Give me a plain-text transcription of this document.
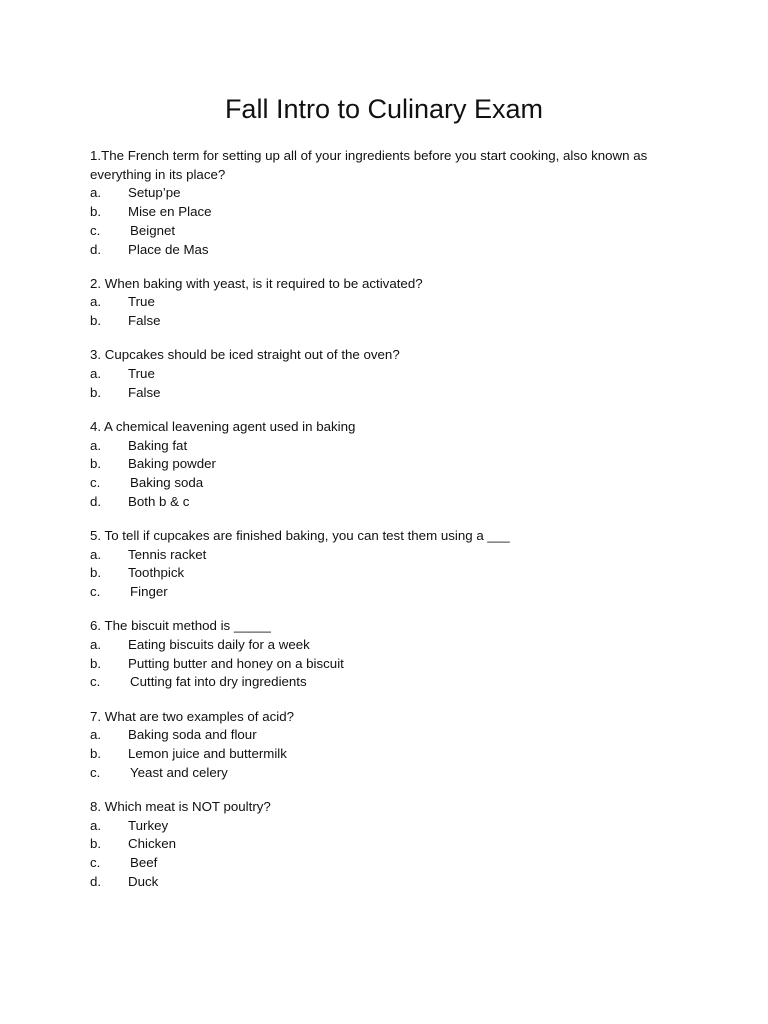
Fall Intro to Culinary Exam

1.The French term for setting up all of your ingredients before you start cooking, also known as everything in its place?

a.	Setup’pe
b.	Mise en Place
c.	Beignet
d.	Place de Mas

2. When baking with yeast, is it required to be activated?

a.	True
b.	False

3. Cupcakes should be iced straight out of the oven?

a.	True
b.	False

4. A chemical leavening agent used in baking

a.	Baking fat
b.	Baking powder
c.	Baking soda
d.	Both b & c

5. To tell if cupcakes are finished baking, you can test them using a ___

a.	Tennis racket
b.	Toothpick
c.	Finger

6. The biscuit method is _____

a.	Eating biscuits daily for a week
b.	Putting butter and honey on a biscuit
c.	Cutting fat into dry ingredients

7. What are two examples of acid?

a.	Baking soda and flour
b.	Lemon juice and buttermilk
c.	Yeast and celery

8. Which meat is NOT poultry?

a.	Turkey
b.	Chicken
c.	Beef
d.	Duck
